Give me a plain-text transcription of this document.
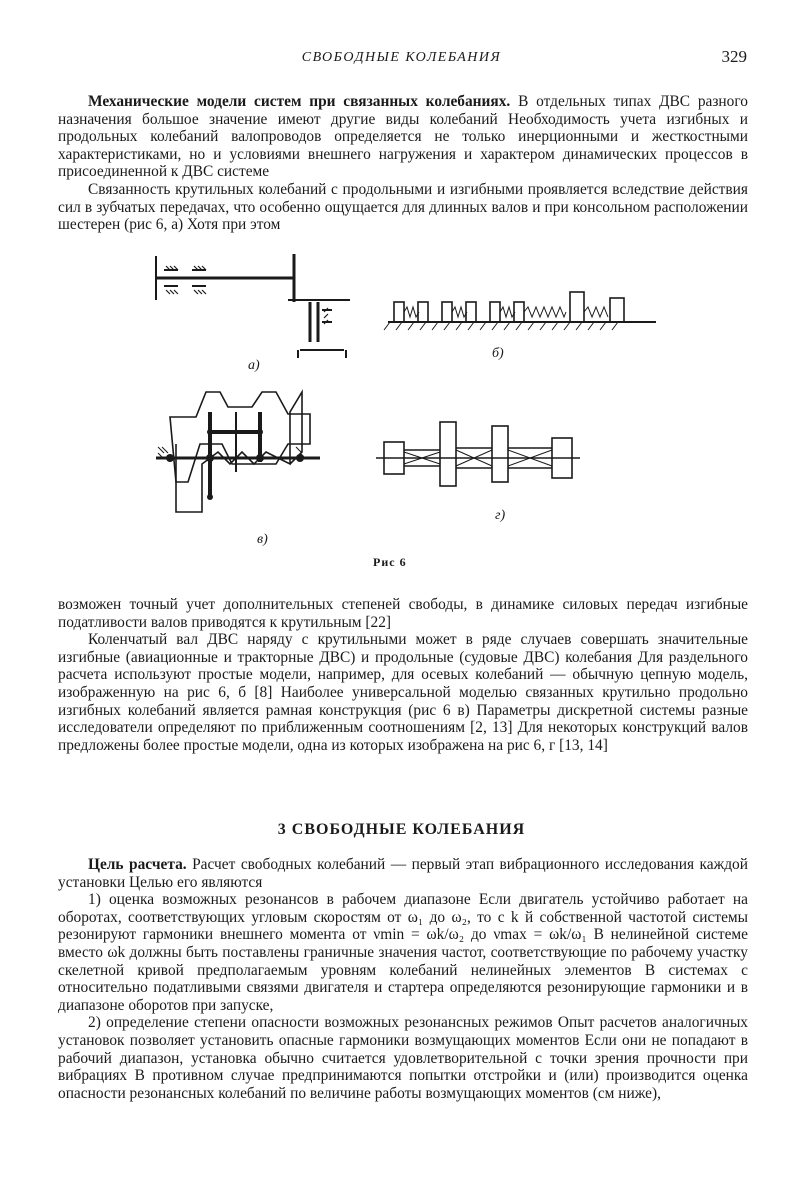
СВОБОДНЫЕ КОЛЕБАНИЯ	329

Механические модели систем при связанных колебаниях. В отдельных типах ДВС разного назначения большое значение имеют другие виды колебаний Необходимость учета изгибных и продольных колебаний валопроводов определяется не только инерционными и жесткостными характеристиками, но и условиями внешнего нагружения и характером динамических процессов в присоединенной к ДВС системе

Связанность крутильных колебаний с продольными и изгибными проявляется вследствие действия сил в зубчатых передачах, что особенно ощущается для длинных валов и при консольном расположении шестерен (рис 6, а) Хотя при этом

а)
б)
в)
г)
Рис 6

возможен точный учет дополнительных степеней свободы, в динамике силовых передач изгибные податливости валов приводятся к крутильным [22]

Коленчатый вал ДВС наряду с крутильными может в ряде случаев совершать значительные изгибные (авиационные и тракторные ДВС) и продольные (судовые ДВС) колебания Для раздельного расчета используют простые модели, например, для осевых колебаний — обычную цепную модель, изображенную на рис 6, б [8] Наиболее универсальной моделью связанных крутильно продольно изгибных колебаний является рамная конструкция (рис 6 в) Параметры дискретной системы разные исследователи определяют по приближенным соотношениям [2, 13] Для некоторых конструкций валов предложены более простые модели, одна из которых изображена на рис 6, г [13, 14]

3 СВОБОДНЫЕ КОЛЕБАНИЯ

Цель расчета. Расчет свободных колебаний — первый этап вибрационного исследования каждой установки Целью его являются

1) оценка возможных резонансов в рабочем диапазоне Если двигатель устойчиво работает на оборотах, соответствующих угловым скоростям от ω₁ до ω₂, то с k й собственной частотой системы резонируют гармоники внешнего момента от νmin = ωk/ω₂ до νmax = ωk/ω₁ В нелинейной системе вместо ωk должны быть поставлены граничные значения частот, соответствующие по рабочему участку скелетной кривой предполагаемым уровням колебаний нелинейных элементов В системах с относительно податливыми связями двигателя и стартера определяются резонирующие гармоники и в диапазоне оборотов при запуске,

2) определение степени опасности возможных резонансных режимов Опыт расчетов аналогичных установок позволяет установить опасные гармоники возмущающих моментов Если они не попадают в рабочий диапазон, установка обычно считается удовлетворительной с точки зрения прочности при вибрациях В противном случае предпринимаются попытки отстройки и (или) производится оценка опасности резонансных колебаний по величине работы возмущающих моментов (см ниже),
